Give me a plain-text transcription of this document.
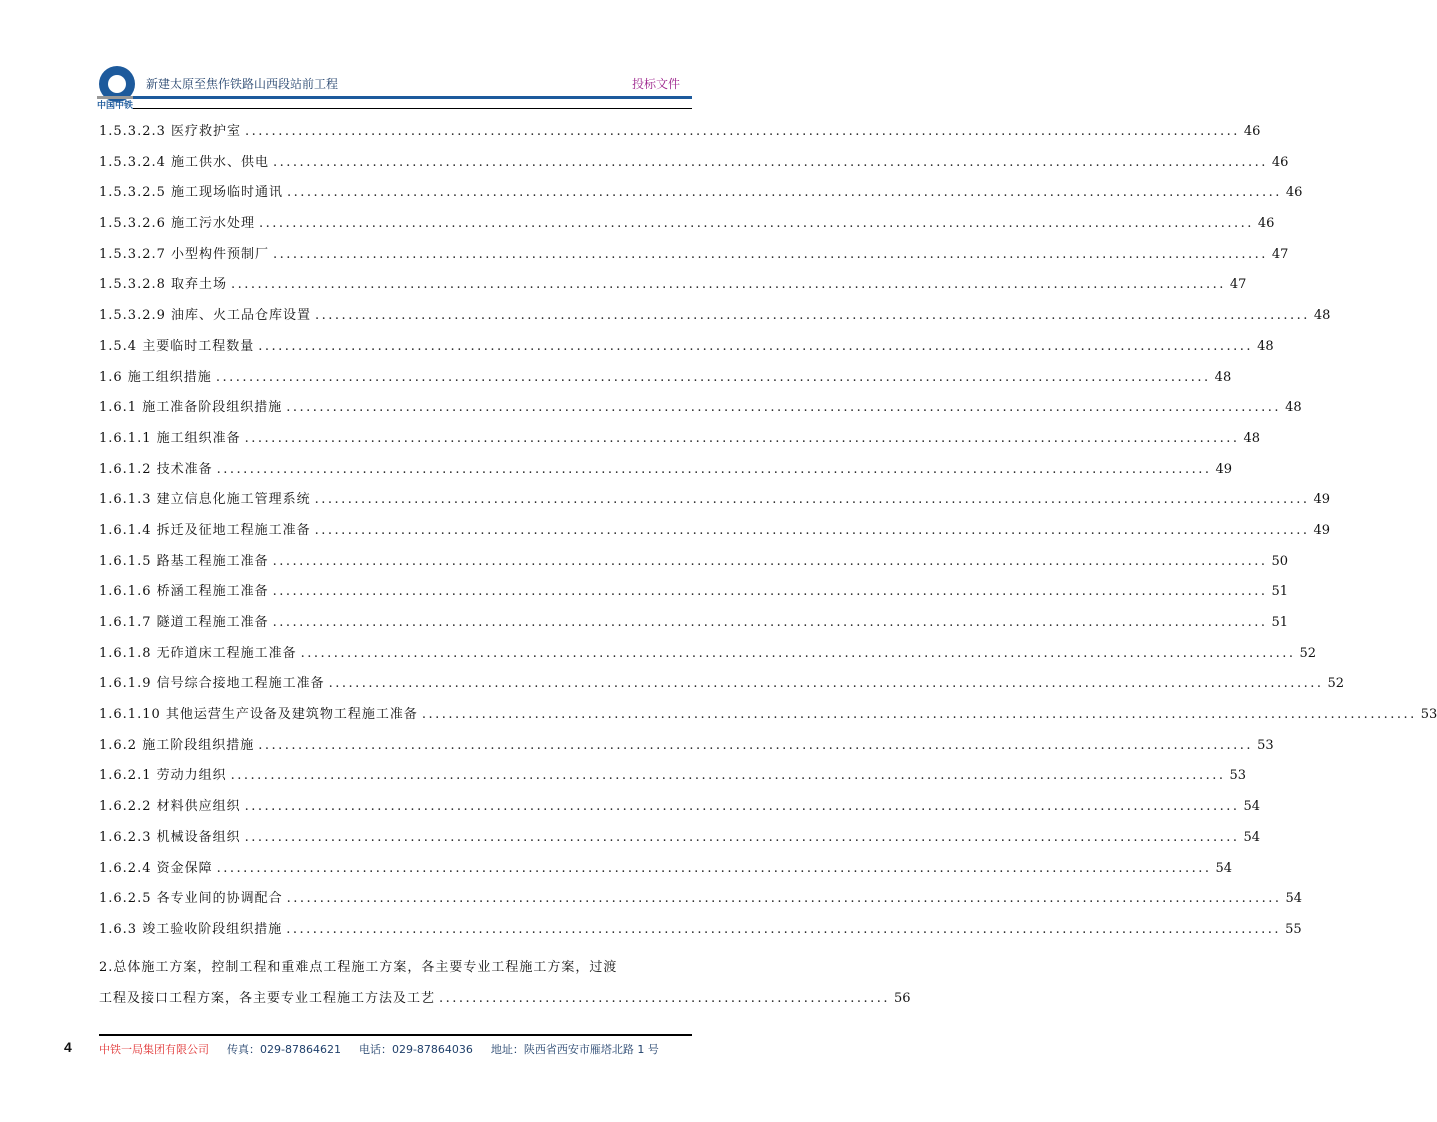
中国中铁
新建太原至焦作铁路山西段站前工程	投标文件
1.5.3.2.3 医疗救护室 ...................................................................................................................................................... 46
1.5.3.2.4 施工供水、供电 ...................................................................................................................................................... 46
1.5.3.2.5 施工现场临时通讯 ...................................................................................................................................................... 46
1.5.3.2.6 施工污水处理 ...................................................................................................................................................... 46
1.5.3.2.7 小型构件预制厂 ...................................................................................................................................................... 47
1.5.3.2.8 取弃土场 ...................................................................................................................................................... 47
1.5.3.2.9 油库、火工品仓库设置 ...................................................................................................................................................... 48
1.5.4 主要临时工程数量 ...................................................................................................................................................... 48
1.6 施工组织措施 ...................................................................................................................................................... 48
1.6.1 施工准备阶段组织措施 ...................................................................................................................................................... 48
1.6.1.1 施工组织准备 ...................................................................................................................................................... 48
1.6.1.2 技术准备 ...................................................................................................................................................... 49
1.6.1.3 建立信息化施工管理系统 ...................................................................................................................................................... 49
1.6.1.4 拆迁及征地工程施工准备 ...................................................................................................................................................... 49
1.6.1.5 路基工程施工准备 ...................................................................................................................................................... 50
1.6.1.6 桥涵工程施工准备 ...................................................................................................................................................... 51
1.6.1.7 隧道工程施工准备 ...................................................................................................................................................... 51
1.6.1.8 无砟道床工程施工准备 ...................................................................................................................................................... 52
1.6.1.9 信号综合接地工程施工准备 ...................................................................................................................................................... 52
1.6.1.10 其他运营生产设备及建筑物工程施工准备 ...................................................................................................................................................... 53
1.6.2 施工阶段组织措施 ...................................................................................................................................................... 53
1.6.2.1 劳动力组织 ...................................................................................................................................................... 53
1.6.2.2 材料供应组织 ...................................................................................................................................................... 54
1.6.2.3 机械设备组织 ...................................................................................................................................................... 54
1.6.2.4 资金保障 ...................................................................................................................................................... 54
1.6.2.5 各专业间的协调配合 ...................................................................................................................................................... 54
1.6.3 竣工验收阶段组织措施 ...................................................................................................................................................... 55
2.总体施工方案，控制工程和重难点工程施工方案，各主要专业工程施工方案，过渡
工程及接口工程方案，各主要专业工程施工方法及工艺 .................................................................... 56
4 中铁一局集团有限公司 传真：029-87864621 电话：029-87864036 地址：陕西省西安市雁塔北路 1 号
